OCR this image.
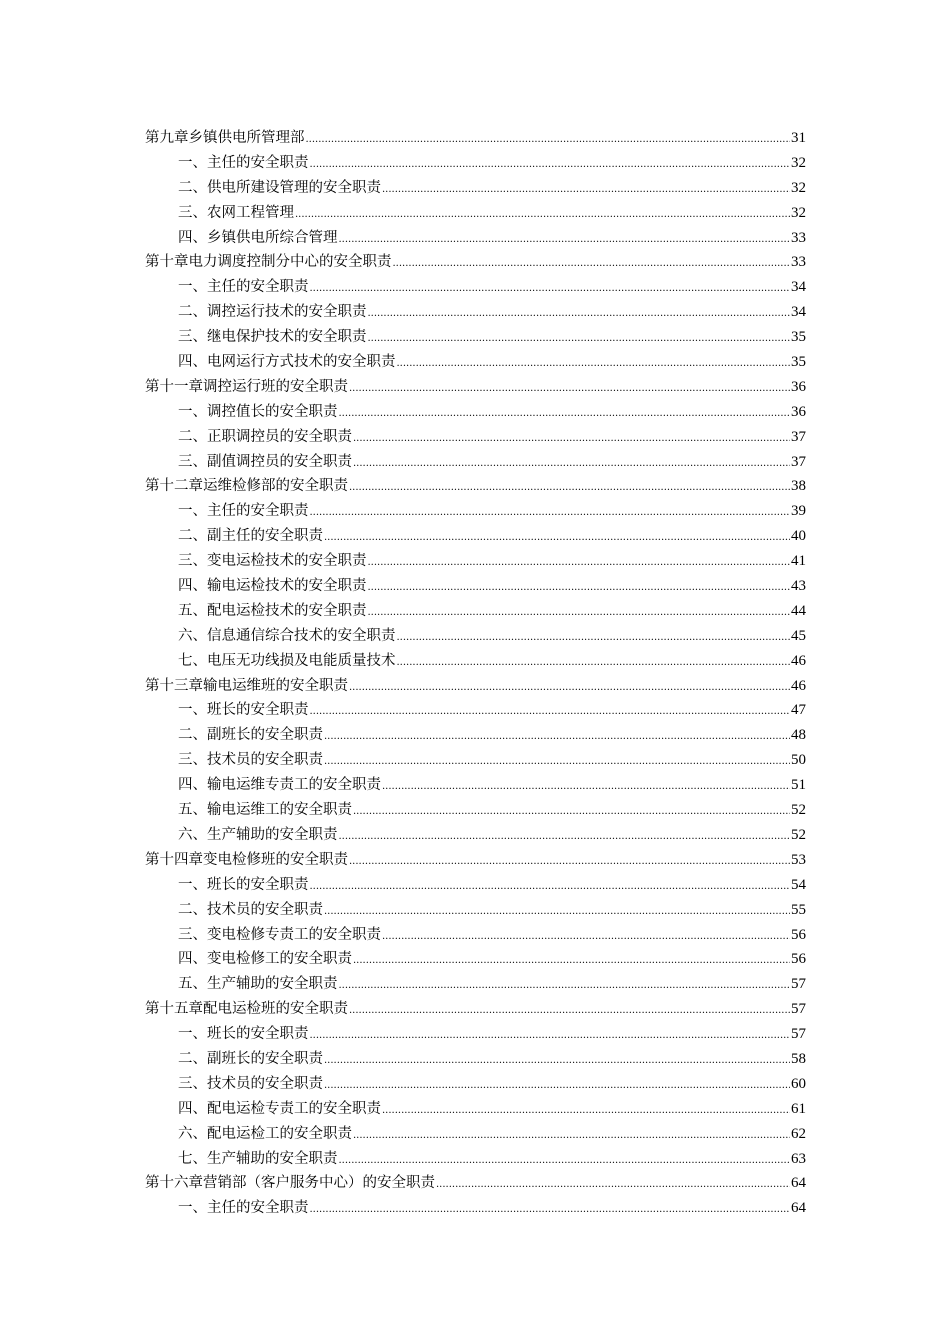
第九章乡镇供电所管理部 .....	31
一、主任的安全职责 .....	32
二、供电所建设管理的安全职责 .....	32
三、农网工程管理 .....	32
四、乡镇供电所综合管理 .....	33
第十章电力调度控制分中心的安全职责 .....	33
一、主任的安全职责 .....	34
二、调控运行技术的安全职责 .....	34
三、继电保护技术的安全职责 .....	35
四、电网运行方式技术的安全职责 .....	35
第十一章调控运行班的安全职责 .....	36
一、调控值长的安全职责 .....	36
二、正职调控员的安全职责 .....	37
三、副值调控员的安全职责 .....	37
第十二章运维检修部的安全职责 .....	38
一、主任的安全职责 .....	39
二、副主任的安全职责 .....	40
三、变电运检技术的安全职责 .....	41
四、输电运检技术的安全职责 .....	43
五、配电运检技术的安全职责 .....	44
六、信息通信综合技术的安全职责 .....	45
七、电压无功线损及电能质量技术 .....	46
第十三章输电运维班的安全职责 .....	46
一、班长的安全职责 .....	47
二、副班长的安全职责 .....	48
三、技术员的安全职责 .....	50
四、输电运维专责工的安全职责 .....	51
五、输电运维工的安全职责 .....	52
六、生产辅助的安全职责 .....	52
第十四章变电检修班的安全职责 .....	53
一、班长的安全职责 .....	54
二、技术员的安全职责 .....	55
三、变电检修专责工的安全职责 .....	56
四、变电检修工的安全职责 .....	56
五、生产辅助的安全职责 .....	57
第十五章配电运检班的安全职责 .....	57
一、班长的安全职责 .....	57
二、副班长的安全职责 .....	58
三、技术员的安全职责 .....	60
四、配电运检专责工的安全职责 .....	61
六、配电运检工的安全职责 .....	62
七、生产辅助的安全职责 .....	63
第十六章营销部（客户服务中心）的安全职责 .....	64
一、主任的安全职责 .....	64
